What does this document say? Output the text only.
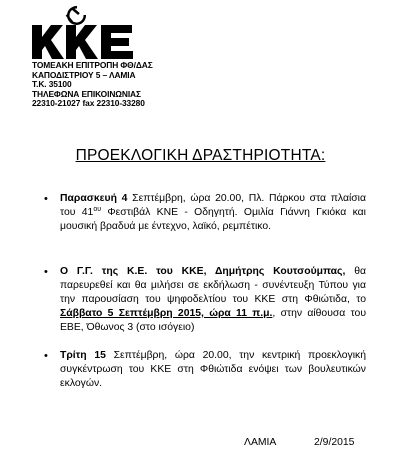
ΤΟΜΕΑΚΗ ΕΠΙΤΡΟΠΗ ΦΘ/ΔΑΣ
ΚΑΠΟΔΙΣΤΡΙΟΥ 5 – ΛΑΜΙΑ
Τ.Κ. 35100
ΤΗΛΕΦΩΝΑ ΕΠΙΚΟΙΝΩΝΙΑΣ
22310-21027 fax 22310-33280
ΠΡΟΕΚΛΟΓΙΚΗ ΔΡΑΣΤΗΡΙΟΤΗΤΑ:
• Παρασκευή 4 Σεπτέμβρη, ώρα 20.00, Πλ. Πάρκου στα πλαίσια του $41^{o\upsilon}$ Φεστιβάλ ΚΝΕ - Οδηγητή. Ομιλία Γιάννη Γκιόκα και μουσική βραδυά με έντεχνο, λαϊκό, ρεμπέτικο.
• Ο Γ.Γ. της Κ.Ε. του ΚΚΕ, Δημήτρης Κουτσούμπας, θα παρευρεθεί και θα μιλήσει σε εκδήλωση - συνέντευξη Τύπου για την παρουσίαση του ψηφοδελτίου του ΚΚΕ στη Φθιώτιδα, το Σάββατο 5 Σεπτέμβρη 2015, ώρα 11 π.μ., στην αίθουσα του ΕΒΕ, Όθωνος 3 (στο ισόγειο)
• Τρίτη 15 Σεπτέμβρη, ώρα 20.00, την κεντρική προεκλογική συγκέντρωση του ΚΚΕ στη Φθιώτιδα ενόψει των βουλευτικών εκλογών.
ΛΑΜΙΑ	2/9/2015
